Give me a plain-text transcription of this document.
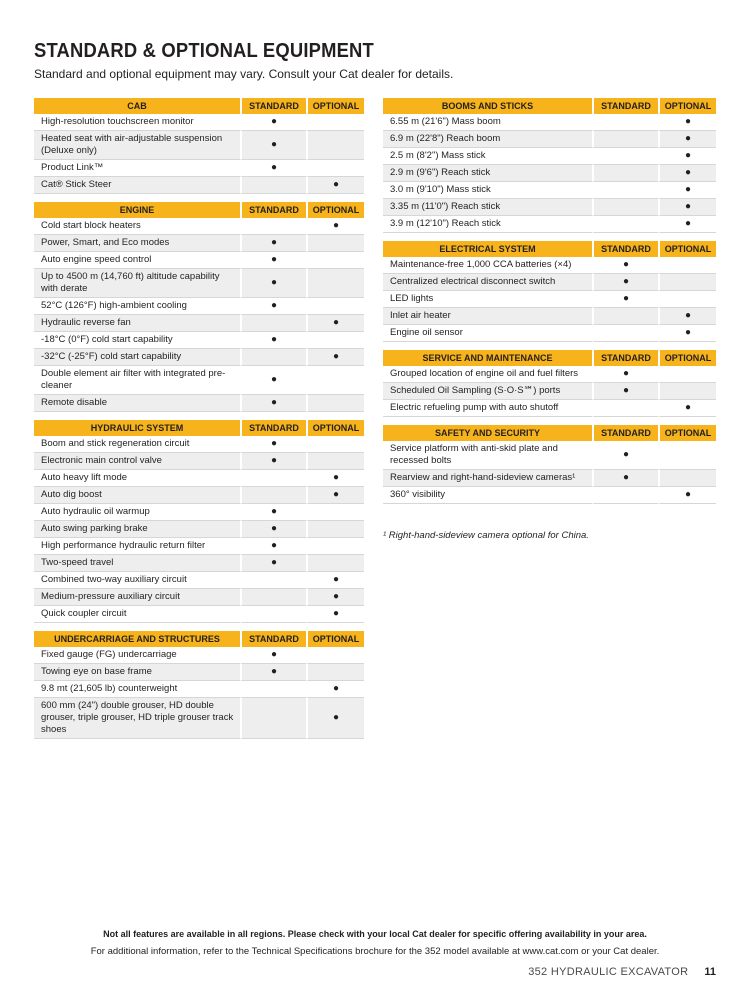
STANDARD & OPTIONAL EQUIPMENT

Standard and optional equipment may vary. Consult your Cat dealer for details.

CAB	STANDARD	OPTIONAL
High-resolution touchscreen monitor	●	
Heated seat with air-adjustable suspension (Deluxe only)	●	
Product Link™	●	
Cat® Stick Steer		●
ENGINE	STANDARD	OPTIONAL
Cold start block heaters		●
Power, Smart, and Eco modes	●	
Auto engine speed control	●	
Up to 4500 m (14,760 ft) altitude capability with derate	●	
52°C (126°F) high-ambient cooling	●	
Hydraulic reverse fan		●
-18°C (0°F) cold start capability	●	
-32°C (-25°F) cold start capability		●
Double element air filter with integrated pre-cleaner	●	
Remote disable	●	
HYDRAULIC SYSTEM	STANDARD	OPTIONAL
Boom and stick regeneration circuit	●	
Electronic main control valve	●	
Auto heavy lift mode		●
Auto dig boost		●
Auto hydraulic oil warmup	●	
Auto swing parking brake	●	
High performance hydraulic return filter	●	
Two-speed travel	●	
Combined two-way auxiliary circuit		●
Medium-pressure auxiliary circuit		●
Quick coupler circuit		●
UNDERCARRIAGE AND STRUCTURES	STANDARD	OPTIONAL
Fixed gauge (FG) undercarriage	●	
Towing eye on base frame	●	
9.8 mt (21,605 lb) counterweight		●
600 mm (24") double grouser, HD double grouser, triple grouser, HD triple grouser track shoes		●
BOOMS AND STICKS	STANDARD	OPTIONAL
6.55 m (21'6") Mass boom		●
6.9 m (22'8") Reach boom		●
2.5 m (8'2") Mass stick		●
2.9 m (9'6") Reach stick		●
3.0 m (9'10") Mass stick		●
3.35 m (11'0") Reach stick		●
3.9 m (12'10") Reach stick		●
ELECTRICAL SYSTEM	STANDARD	OPTIONAL
Maintenance-free 1,000 CCA batteries (×4)	●	
Centralized electrical disconnect switch	●	
LED lights	●	
Inlet air heater		●
Engine oil sensor		●
SERVICE AND MAINTENANCE	STANDARD	OPTIONAL
Grouped location of engine oil and fuel filters	●	
Scheduled Oil Sampling (S·O·S℠) ports	●	
Electric refueling pump with auto shutoff		●
SAFETY AND SECURITY	STANDARD	OPTIONAL
Service platform with anti-skid plate and recessed bolts	●	
Rearview and right-hand-sideview cameras¹	●	
360° visibility		●

¹ Right-hand-sideview camera optional for China.

Not all features are available in all regions. Please check with your local Cat dealer for specific offering availability in your area.

For additional information, refer to the Technical Specifications brochure for the 352 model available at www.cat.com or your Cat dealer.

352 HYDRAULIC EXCAVATOR 11
